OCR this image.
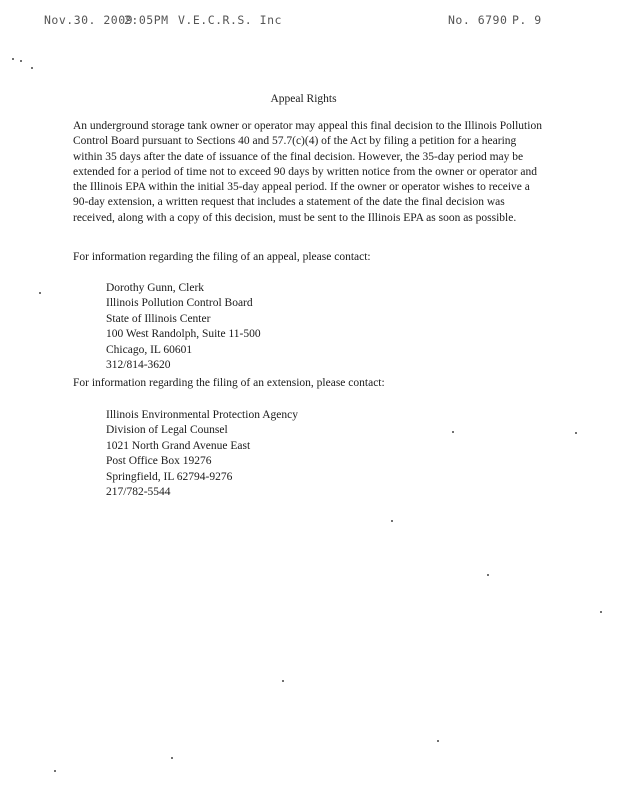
Nov.30. 2009
2:05PM V.E.C.R.S. Inc	No. 6790 P. 9
Appeal Rights
An underground storage tank owner or operator may appeal this final decision to the Illinois Pollution Control Board pursuant to Sections 40 and 57.7(c)(4) of the Act by filing a petition for a hearing within 35 days after the date of issuance of the final decision. However, the 35-day period may be extended for a period of time not to exceed 90 days by written notice from the owner or operator and the Illinois EPA within the initial 35-day appeal period. If the owner or operator wishes to receive a 90-day extension, a written request that includes a statement of the date the final decision was received, along with a copy of this decision, must be sent to the Illinois EPA as soon as possible.
For information regarding the filing of an appeal, please contact:
Dorothy Gunn, Clerk
Illinois Pollution Control Board
State of Illinois Center
100 West Randolph, Suite 11-500
Chicago, IL 60601
312/814-3620
For information regarding the filing of an extension, please contact:
Illinois Environmental Protection Agency
Division of Legal Counsel
1021 North Grand Avenue East
Post Office Box 19276
Springfield, IL 62794-9276
217/782-5544
